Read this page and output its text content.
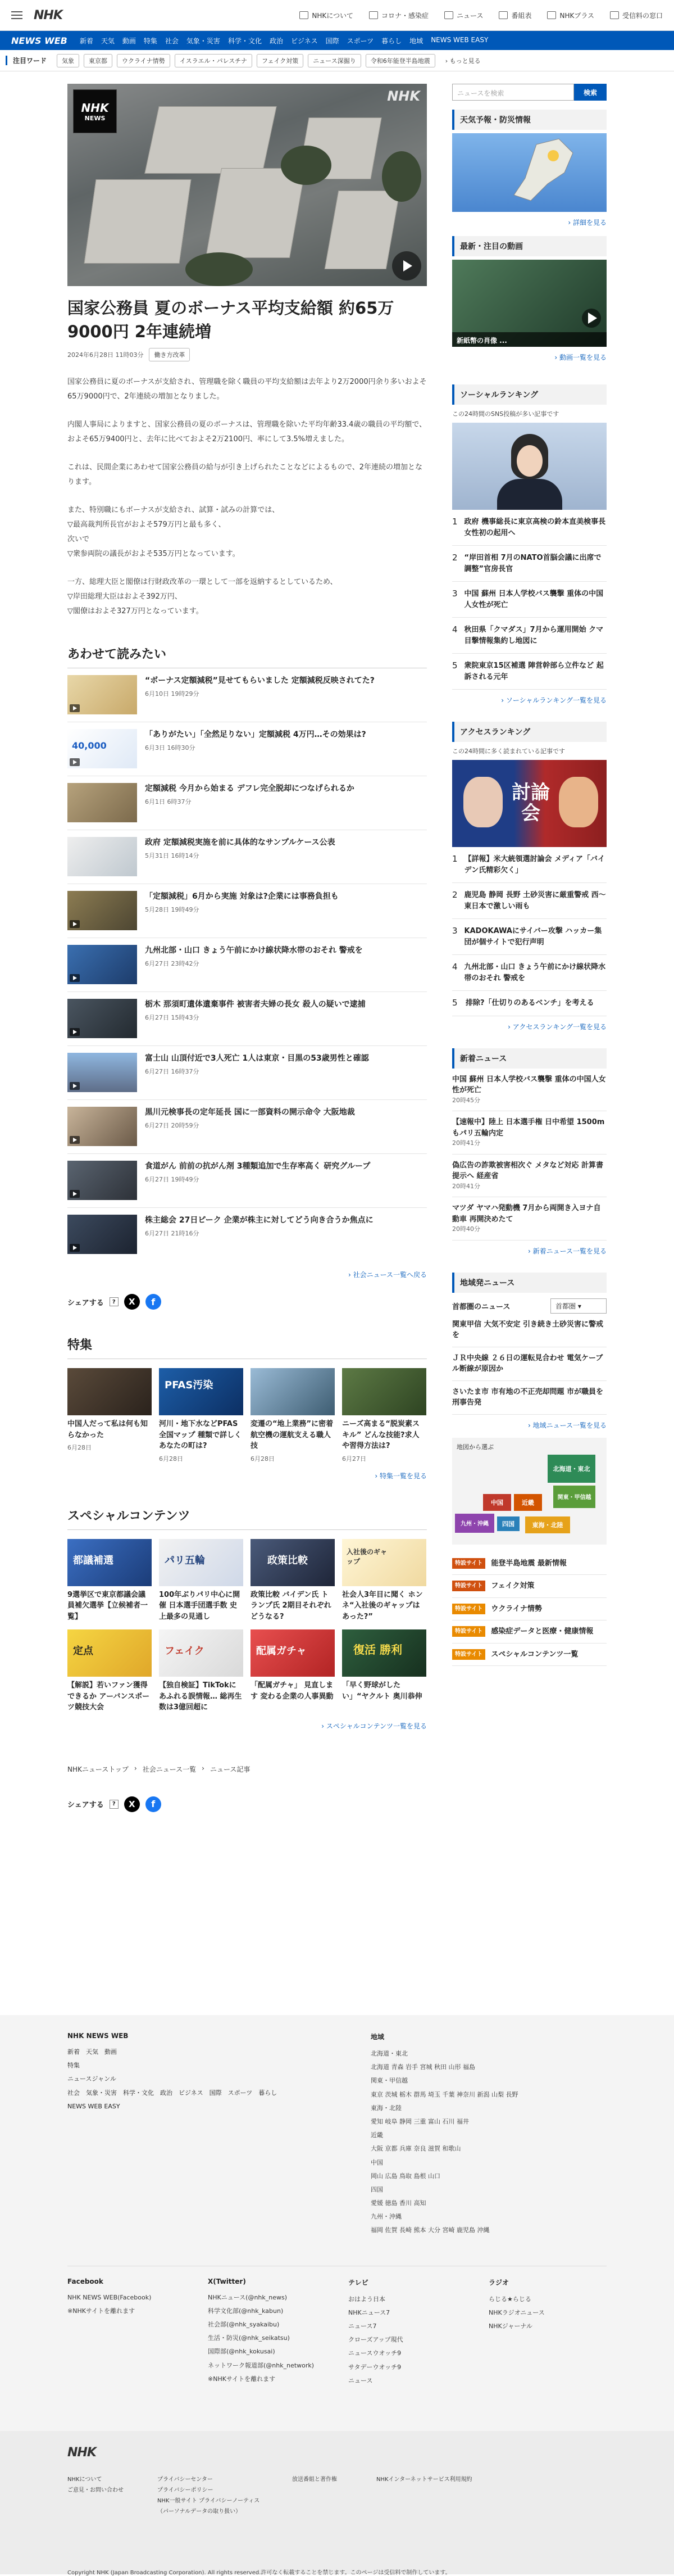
NHK	NHKについて	コロナ・感染症	ニュース	番組表	NHKプラス	受信料の窓口
NEWS WEB 新着 天気 動画 特集 社会 気象・災害 科学・文化 政治 ビジネス 国際 スポーツ 暮らし 地域 NEWS WEB EASY
注目ワード	気象	東京都	ウクライナ情勢	イスラエル・パレスチナ	フェイク対策	ニュース深掘り	令和6年能登半島地震	› もっと見る
NHK
NEWS
NHK
国家公務員 夏のボーナス平均支給額 約65万9000円 2年連続増
2024年6月28日 11時03分	働き方改革

国家公務員に夏のボーナスが支給され、管理職を除く職員の平均支給額は去年より2万2000円余り多いおよそ65万9000円で、2年連続の増加となりました。

内閣人事局によりますと、国家公務員の夏のボーナスは、管理職を除いた平均年齢33.4歳の職員の平均額で、およそ65万9400円と、去年に比べておよそ2万2100円、率にして3.5%増えました。

これは、民間企業にあわせて国家公務員の給与が引き上げられたことなどによるもので、2年連続の増加となります。

また、特別職にもボーナスが支給され、試算・試みの計算では、
▽最高裁判所長官がおよそ579万円と最も多く、
次いで
▽衆参両院の議長がおよそ535万円となっています。

一方、総理大臣と閣僚は行財政改革の一環として一部を返納するとしているため、
▽岸田総理大臣はおよそ392万円、
▽閣僚はおよそ327万円となっています。

あわせて読みたい
“ボーナス定額減税”見せてもらいました 定額減税反映されてた?
6月10日 19時29分
40,000
「ありがたい」「全然足りない」定額減税 4万円…その効果は?
6月3日 16時30分
定額減税 今月から始まる デフレ完全脱却につなげられるか
6月1日 6時37分
政府 定額減税実施を前に具体的なサンプルケース公表
5月31日 16時14分
「定額減税」6月から実施 対象は?企業には事務負担も
5月28日 19時49分
九州北部・山口 きょう午前にかけ線状降水帯のおそれ 警戒を
6月27日 23時42分
栃木 那須町遺体遺棄事件 被害者夫婦の長女 殺人の疑いで逮捕
6月27日 15時43分
富士山 山頂付近で3人死亡 1人は東京・目黒の53歳男性と確認
6月27日 16時37分
黒川元検事長の定年延長 国に一部資料の開示命令 大阪地裁
6月27日 20時59分
食道がん 前前の抗がん剤 3種類追加で生存率高く 研究グループ
6月27日 19時49分
株主総会 27日ピーク 企業が株主に対してどう向き合うか焦点に
6月27日 21時16分
› 社会ニュース一覧へ戻る
シェアする	?	X	f
特集
中国人だって私は何も知らなかった
6月28日
PFAS汚染
河川・地下水などPFAS全国マップ 種類で詳しく あなたの町は?
6月28日
変遷の“地上業務”に密着 航空機の運航支える職人技
6月28日
ニーズ高まる“脱炭素スキル” どんな技能?求人や習得方法は?
6月27日
› 特集一覧を見る
スペシャルコンテンツ
都議補選
9選挙区で東京都議会議員補欠選挙【立候補者一覧】
パリ五輪
100年ぶりパリ中心に開催 日本選手団選手数 史上最多の見通し
政策比較
政策比較 バイデン氏 トランプ氏 2期目それぞれどうなる?
入社後のギャップ
社会人3年目に聞く ホンネ“入社後のギャップはあった?”
定点
【解説】若いファン獲得できるか アーバンスポーツ競技大会
フェイク
【独自検証】TikTokにあふれる誤情報… 総再生数は3億回超に
配属ガチャ
「配属ガチャ」 見直します 変わる企業の人事異動
復活 勝利
「早く野球がしたい」“ヤクルト 奥川恭伸
› スペシャルコンテンツ一覧を見る
NHKニューストップ › 社会ニュース一覧 › ニュース記事
シェアする	?	X	f
ニュースを検索	検索
天気予報・防災情報
› 詳細を見る
最新・注目の動画
新紙幣の肖像 ...
› 動画一覧を見る
ソーシャルランキング
この24時間のSNS投稿が多い記事です
1 政府 機事総長に東京高検の鈴本直美検事長 女性初の起用へ
2 “岸田首相 7月のNATO首脳会議に出席で調整”官房長官
3 中国 蘇州 日本人学校バス襲撃 重体の中国人女性が死亡
4 秋田県「クマダス」7月から運用開始 クマ目撃情報集約し地図に
5 衆院東京15区補選 陣営幹部ら立件など 起訴される元年
› ソーシャルランキング一覧を見る
アクセスランキング
この24時間に多く読まれている記事です
討論会
1 【詳報】米大統領選討論会 メディア「バイデン氏精彩欠く」
2 鹿児島 静岡 長野 土砂災害に厳重警戒 西〜東日本で激しい雨も
3 KADOKAWAにサイバー攻撃 ハッカー集団が個サイトで犯行声明
4 九州北部・山口 きょう午前にかけ線状降水帯のおそれ 警戒を
5 排除?「仕切りのあるベンチ」を考える
› アクセスランキング一覧を見る
新着ニュース
中国 蘇州 日本人学校バス襲撃 重体の中国人女性が死亡
20時45分
【速報中】陸上 日本選手権 日中希望 1500mもパリ五輪内定
20時41分
偽広告の詐欺被害相次ぐ メタなど対応 計算書提示へ 経産省
20時41分
マツダ ヤマハ発動機 7月から両開き入ヨナ自動車 再開決めたて
20時40分
› 新着ニュース一覧を見る
地域発ニュース
首都圏のニュース	首都圏 ▾
関東甲信 大気不安定 引き続き土砂災害に警戒を
ＪＲ中央線 ２６日の運転見合わせ 電気ケーブル断線が原因か
さいたま市 市有地の不正売却問題 市が職員を刑事告発
› 地域ニュース一覧を見る
地図から選ぶ
北海道・東北
関東・甲信越
中国	近畿
東海・北陸
九州・沖縄	四国
特設サイト	能登半島地震 最新情報
特設サイト	フェイク対策
特設サイト	ウクライナ情勢
特設サイト	感染症データと医療・健康情報
特設サイト	スペシャルコンテンツ一覧
NHK NEWS WEB
新着　天気　動画
特集
ニュースジャンル
社会　気象・災害　科学・文化　政治　ビジネス　国際　スポーツ　暮らし
NEWS WEB EASY
地域
北海道・東北
北海道 青森 岩手 宮城 秋田 山形 福島
関東・甲信越
東京 茨城 栃木 群馬 埼玉 千葉 神奈川 新潟 山梨 長野
東海・北陸
愛知 岐阜 静岡 三重 富山 石川 福井
近畿
大阪 京都 兵庫 奈良 滋賀 和歌山
中国
岡山 広島 鳥取 島根 山口
四国
愛媛 徳島 香川 高知
九州・沖縄
福岡 佐賀 長崎 熊本 大分 宮崎 鹿児島 沖縄
Facebook
NHK NEWS WEB(Facebook)
※NHKサイトを離れます
X(Twitter)
NHKニュース(@nhk_news)
科学文化部(@nhk_kabun)
社会部(@nhk_syakaibu)
生活・防災(@nhk_seikatsu)
国際部(@nhk_kokusai)
ネットワーク報道部(@nhk_network)
※NHKサイトを離れます
テレビ
おはよう日本
NHKニュース7
ニュース7
クローズアップ現代
ニュースウオッチ9
サタデーウオッチ9
ニュース
ラジオ
らじる★らじる
NHKラジオニュース
NHKジャーナル
NHK
NHKについて
ご意見・お問い合わせ
プライバシーセンター
プライバシーポリシー
NHK一般サイト プライバシーノーティス（パーソナルデータの取り扱い）
放送番組と著作権	NHKインターネットサービス利用規約
Copyright NHK (Japan Broadcasting Corporation). All rights reserved.許可なく転載することを禁じます。このページは受信料で制作しています。
